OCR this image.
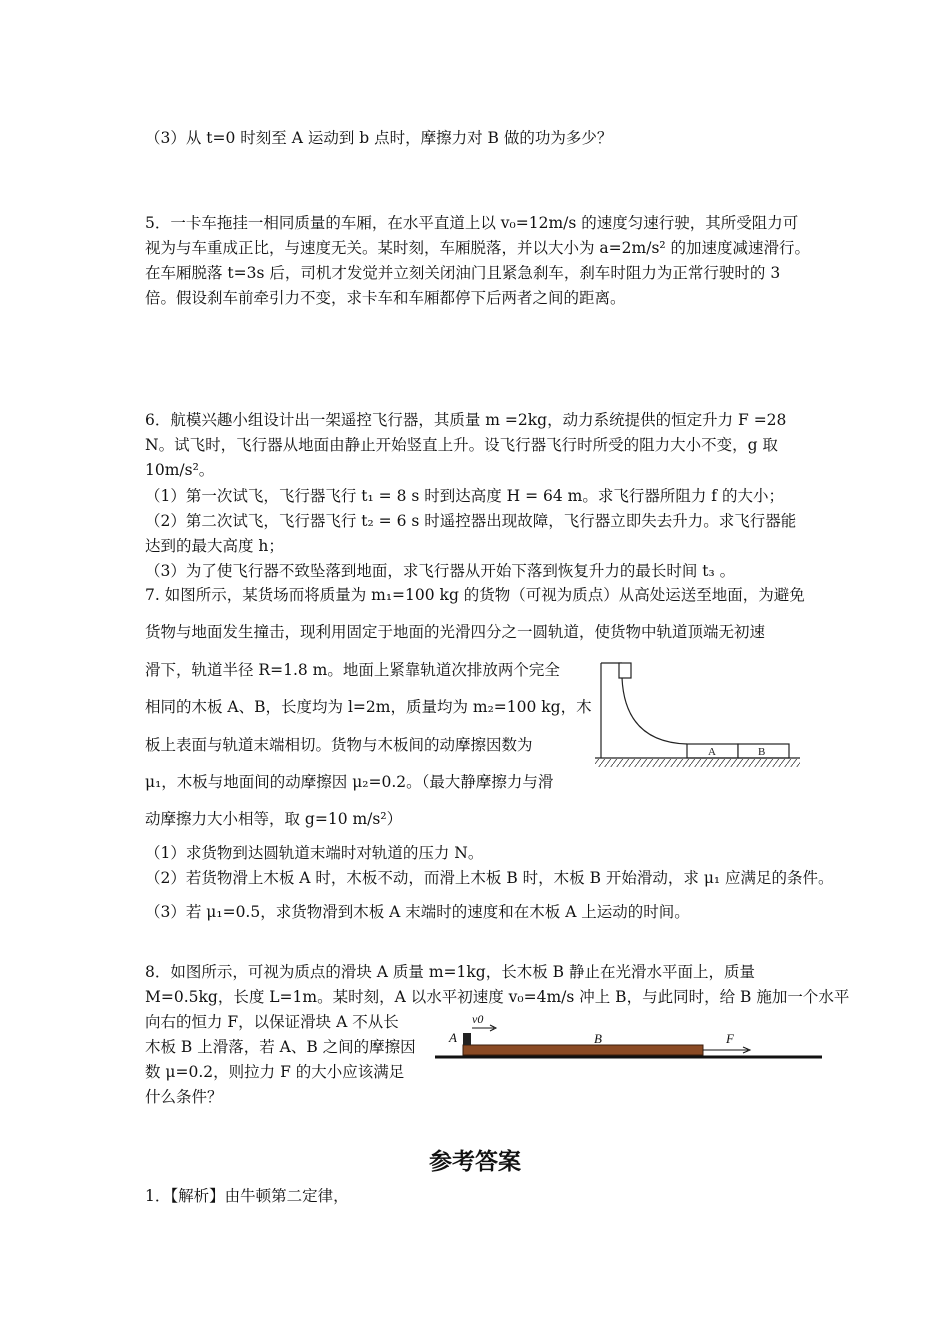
（3）从 t=0 时刻至 A 运动到 b 点时，摩擦力对 B 做的功为多少？
5．一卡车拖挂一相同质量的车厢，在水平直道上以 v₀=12m/s 的速度匀速行驶，其所受阻力可
视为与车重成正比，与速度无关。某时刻，车厢脱落，并以大小为 a=2m/s² 的加速度减速滑行。
在车厢脱落 t=3s 后，司机才发觉并立刻关闭油门且紧急刹车，刹车时阻力为正常行驶时的 3
倍。假设刹车前牵引力不变，求卡车和车厢都停下后两者之间的距离。
6．航模兴趣小组设计出一架遥控飞行器，其质量 m =2kg，动力系统提供的恒定升力 F =28
N。试飞时，飞行器从地面由静止开始竖直上升。设飞行器飞行时所受的阻力大小不变，g 取
10m/s²。
（1）第一次试飞，飞行器飞行 t₁ = 8 s 时到达高度 H = 64 m。求飞行器所阻力 f 的大小；
（2）第二次试飞，飞行器飞行 t₂ = 6 s 时遥控器出现故障，飞行器立即失去升力。求飞行器能
达到的最大高度 h；
（3）为了使飞行器不致坠落到地面，求飞行器从开始下落到恢复升力的最长时间 t₃ 。
7. 如图所示，某货场而将质量为 m₁=100 kg 的货物（可视为质点）从高处运送至地面，为避免
货物与地面发生撞击，现利用固定于地面的光滑四分之一圆轨道，使货物中轨道顶端无初速
滑下，轨道半径 R=1.8 m。地面上紧靠轨道次排放两个完全
相同的木板 A、B，长度均为 l=2m，质量均为 m₂=100 kg，木
板上表面与轨道末端相切。货物与木板间的动摩擦因数为
μ₁，木板与地面间的动摩擦因 μ₂=0.2。（最大静摩擦力与滑
动摩擦力大小相等，取 g=10 m/s²）
（1）求货物到达圆轨道末端时对轨道的压力 N。
（2）若货物滑上木板 A 时，木板不动，而滑上木板 B 时，木板 B 开始滑动，求 μ₁ 应满足的条件。
（3）若 μ₁=0.5，求货物滑到木板 A 末端时的速度和在木板 A 上运动的时间。
8．如图所示，可视为质点的滑块 A 质量 m=1kg，长木板 B 静止在光滑水平面上，质量
M=0.5kg，长度 L=1m。某时刻，A 以水平初速度 v₀=4m/s 冲上 B，与此同时，给 B 施加一个水平
向右的恒力 F，以保证滑块 A 不从长
木板 B 上滑落，若 A、B 之间的摩擦因
数 μ=0.2，则拉力 F 的大小应该满足
什么条件？
参考答案
1．【解析】由牛顿第二定律，
A	B
A
v0
B	F
